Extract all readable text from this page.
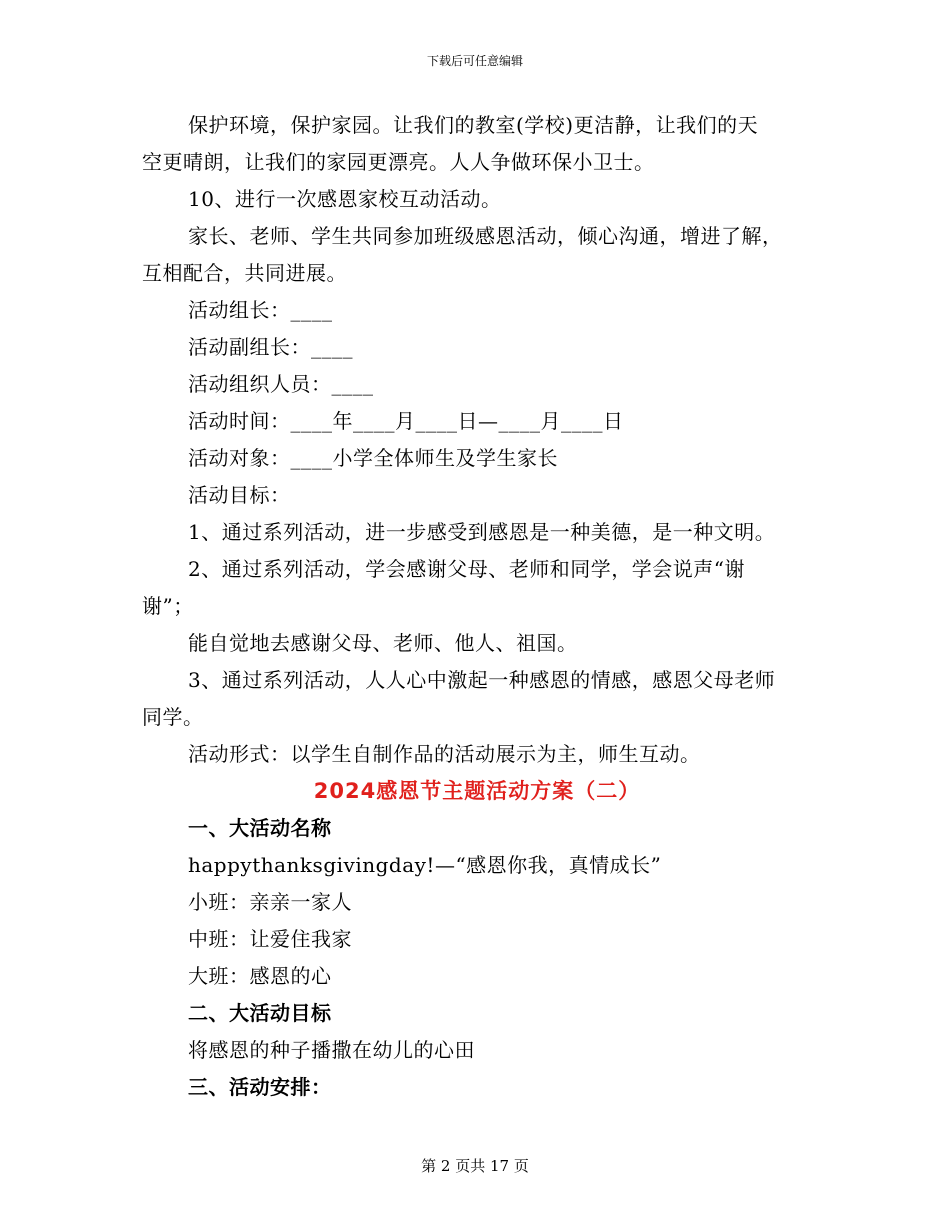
下载后可任意编辑
保护环境，保护家园。让我们的教室(学校)更洁静，让我们的天
空更晴朗，让我们的家园更漂亮。人人争做环保小卫士。
10、进行一次感恩家校互动活动。
家长、老师、学生共同参加班级感恩活动，倾心沟通，增进了解，
互相配合，共同进展。
活动组长：____
活动副组长：____
活动组织人员：____
活动时间：____年____月____日—____月____日
活动对象：____小学全体师生及学生家长
活动目标：
1、通过系列活动，进一步感受到感恩是一种美德，是一种文明。
2、通过系列活动，学会感谢父母、老师和同学，学会说声“谢
谢”；
能自觉地去感谢父母、老师、他人、祖国。
3、通过系列活动，人人心中激起一种感恩的情感，感恩父母老师
同学。
活动形式：以学生自制作品的活动展示为主，师生互动。
2024感恩节主题活动方案（二）
一、大活动名称
happythanksgivingday!—“感恩你我，真情成长”
小班：亲亲一家人
中班：让爱住我家
大班：感恩的心
二、大活动目标
将感恩的种子播撒在幼儿的心田
三、活动安排：
第 2 页共 17 页
